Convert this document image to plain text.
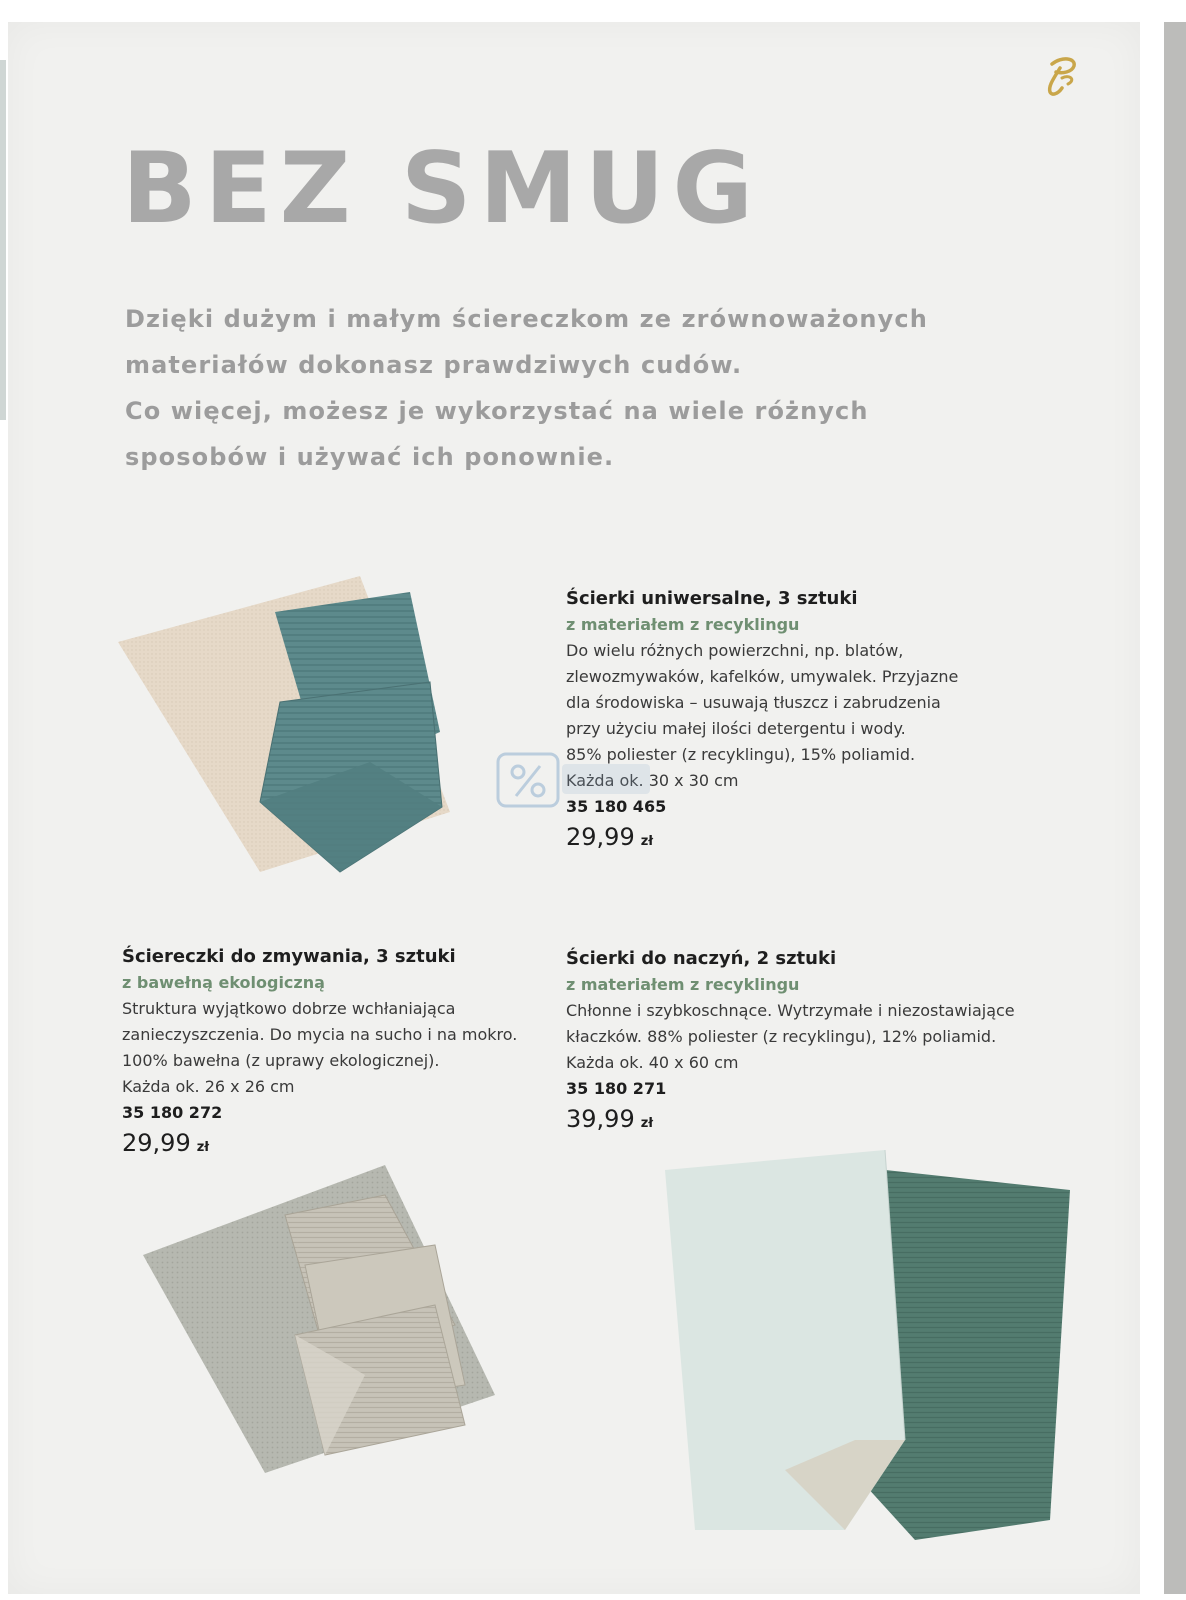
BEZ SMUG
Dzięki dużym i małym ściereczkom ze zrównoważonych
materiałów dokonasz prawdziwych cudów.
Co więcej, możesz je wykorzystać na wiele różnych
sposobów i używać ich ponownie.
Ścierki uniwersalne, 3 sztuki
z materiałem z recyklingu
Do wielu różnych powierzchni, np. blatów,
zlewozmywaków, kafelków, umywalek. Przyjazne
dla środowiska – usuwają tłuszcz i zabrudzenia
przy użyciu małej ilości detergentu i wody.
85% poliester (z recyklingu), 15% poliamid.
Każda ok. 30 x 30 cm
35 180 465
29,99 zł
Ściereczki do zmywania, 3 sztuki
z bawełną ekologiczną
Struktura wyjątkowo dobrze wchłaniająca
zanieczyszczenia. Do mycia na sucho i na mokro.
100% bawełna (z uprawy ekologicznej).
Każda ok. 26 x 26 cm
35 180 272
29,99 zł
Ścierki do naczyń, 2 sztuki
z materiałem z recyklingu
Chłonne i szybkoschnące. Wytrzymałe i niezostawiające
kłaczków. 88% poliester (z recyklingu), 12% poliamid.
Każda ok. 40 x 60 cm
35 180 271
39,99 zł
